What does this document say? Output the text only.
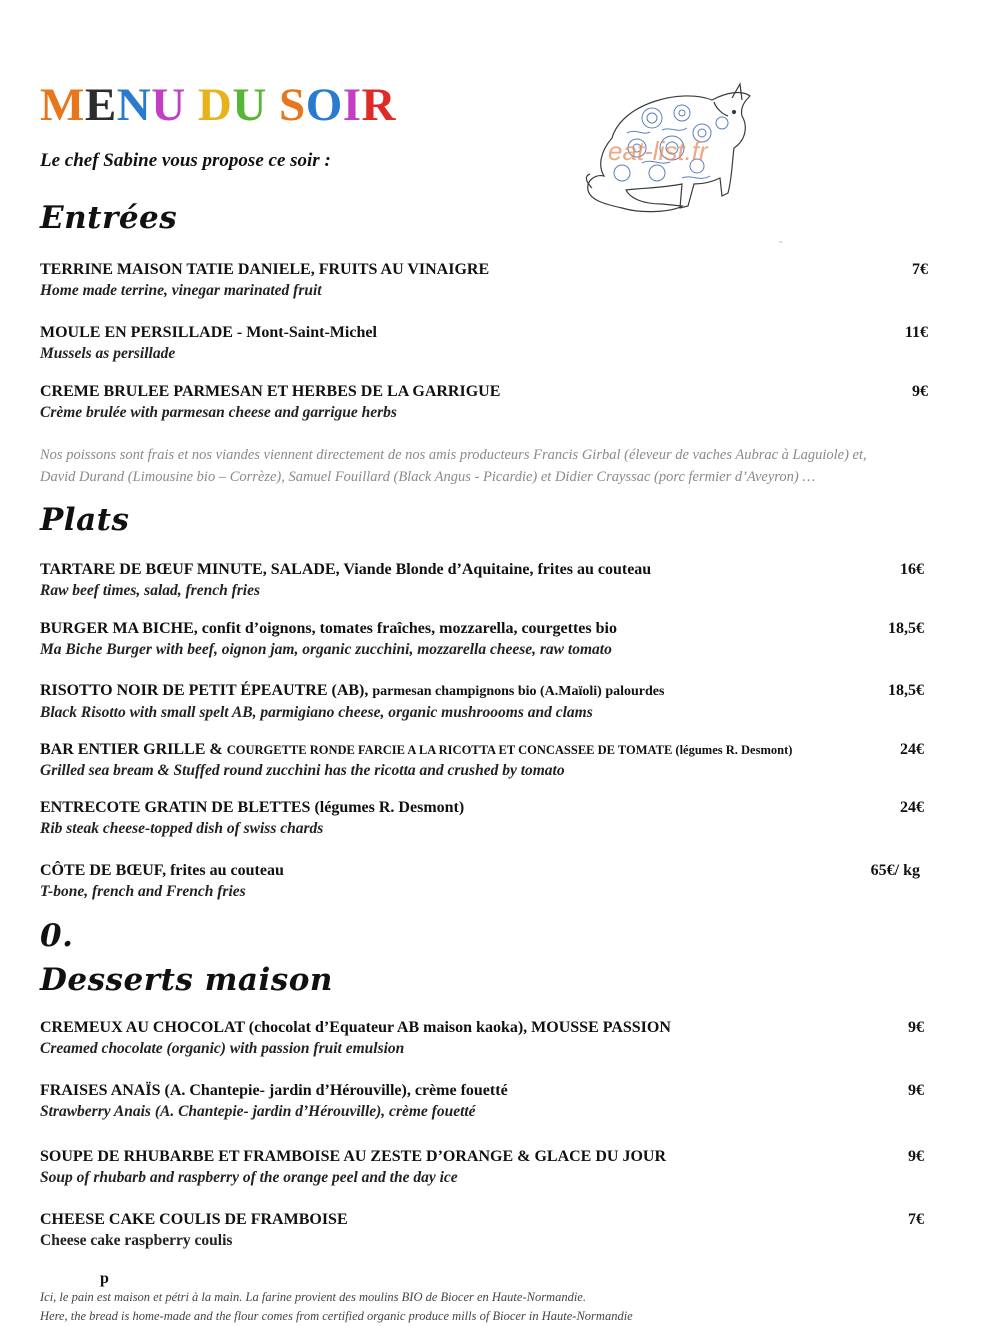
MENU DU SOIR
Le chef Sabine vous propose ce soir :	eat-list.fr
~
Entrées
TERRINE MAISON TATIE DANIELE, FRUITS AU VINAIGRE
Home made terrine, vinegar marinated fruit
7€
MOULE EN PERSILLADE - Mont-Saint-Michel
Mussels as persillade
11€
CREME BRULEE PARMESAN ET HERBES DE LA GARRIGUE
Crème brulée with parmesan cheese and garrigue herbs
9€
Nos poissons sont frais et nos viandes viennent directement de nos amis producteurs Francis Girbal (éleveur de vaches Aubrac à Laguiole) et,
David Durand (Limousine bio – Corrèze), Samuel Fouillard (Black Angus - Picardie) et Didier Crayssac (porc fermier d’Aveyron) …
Plats
TARTARE DE BŒUF MINUTE, SALADE, Viande Blonde d’Aquitaine, frites au couteau
Raw beef times, salad, french fries
16€
BURGER MA BICHE, confit d’oignons, tomates fraîches, mozzarella, courgettes bio
Ma Biche Burger with beef, oignon jam, organic zucchini, mozzarella cheese, raw tomato
18,5€
RISOTTO NOIR DE PETIT ÉPEAUTRE (AB), parmesan champignons bio (A.Maïoli) palourdes
Black Risotto with small spelt AB, parmigiano cheese, organic mushroooms and clams
18,5€
BAR ENTIER GRILLE & COURGETTE RONDE FARCIE A LA RICOTTA ET CONCASSEE DE TOMATE (légumes R. Desmont)
Grilled sea bream & Stuffed round zucchini has the ricotta and crushed by tomato
24€
ENTRECOTE GRATIN DE BLETTES (légumes R. Desmont)
Rib steak cheese-topped dish of swiss chards
24€
CÔTE DE BŒUF, frites au couteau
T-bone, french and French fries
65€/ kg
0.
Desserts maison
CREMEUX AU CHOCOLAT (chocolat d’Equateur AB maison kaoka), MOUSSE PASSION
Creamed chocolate (organic) with passion fruit emulsion
9€
FRAISES ANAÏS (A. Chantepie- jardin d’Hérouville), crème fouetté
Strawberry Anais (A. Chantepie- jardin d’Hérouville), crème fouetté
9€
SOUPE DE RHUBARBE ET FRAMBOISE AU ZESTE D’ORANGE & GLACE DU JOUR
Soup of rhubarb and raspberry of the orange peel and the day ice
9€
CHEESE CAKE COULIS DE FRAMBOISE
Cheese cake raspberry coulis
7€
p
Ici, le pain est maison et pétri à la main. La farine provient des moulins BIO de Biocer en Haute-Normandie.
Here, the bread is home-made and the flour comes from certified organic produce mills of Biocer in Haute-Normandie
